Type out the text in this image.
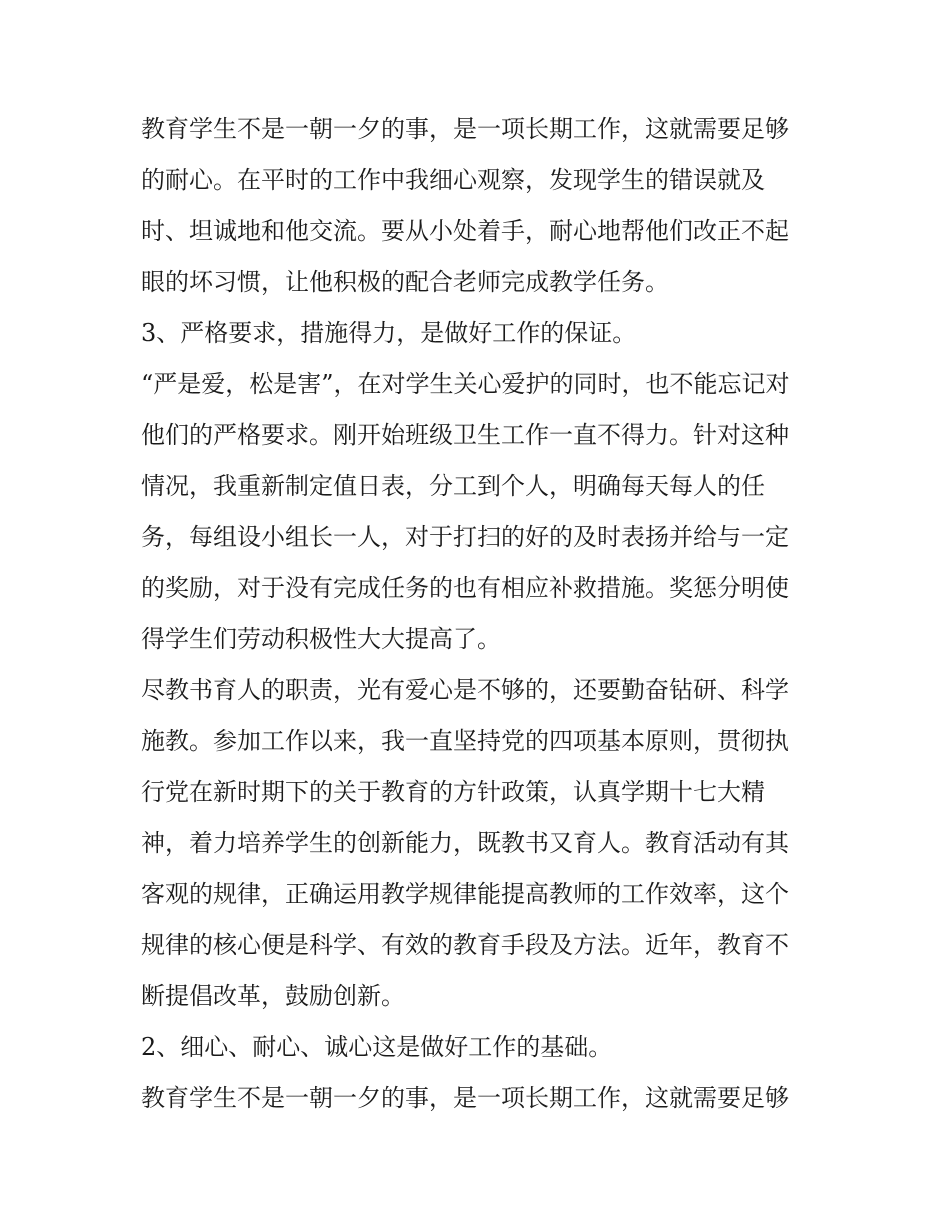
教育学生不是一朝一夕的事，是一项长期工作，这就需要足够
的耐心。在平时的工作中我细心观察，发现学生的错误就及
时、坦诚地和他交流。要从小处着手，耐心地帮他们改正不起
眼的坏习惯，让他积极的配合老师完成教学任务。
3、严格要求，措施得力，是做好工作的保证。
“严是爱，松是害”，在对学生关心爱护的同时，也不能忘记对
他们的严格要求。刚开始班级卫生工作一直不得力。针对这种
情况，我重新制定值日表，分工到个人，明确每天每人的任
务，每组设小组长一人，对于打扫的好的及时表扬并给与一定
的奖励，对于没有完成任务的也有相应补救措施。奖惩分明使
得学生们劳动积极性大大提高了。
尽教书育人的职责，光有爱心是不够的，还要勤奋钻研、科学
施教。参加工作以来，我一直坚持党的四项基本原则，贯彻执
行党在新时期下的关于教育的方针政策，认真学期十七大精
神，着力培养学生的创新能力，既教书又育人。教育活动有其
客观的规律，正确运用教学规律能提高教师的工作效率，这个
规律的核心便是科学、有效的教育手段及方法。近年，教育不
断提倡改革，鼓励创新。
2、细心、耐心、诚心这是做好工作的基础。
教育学生不是一朝一夕的事，是一项长期工作，这就需要足够
